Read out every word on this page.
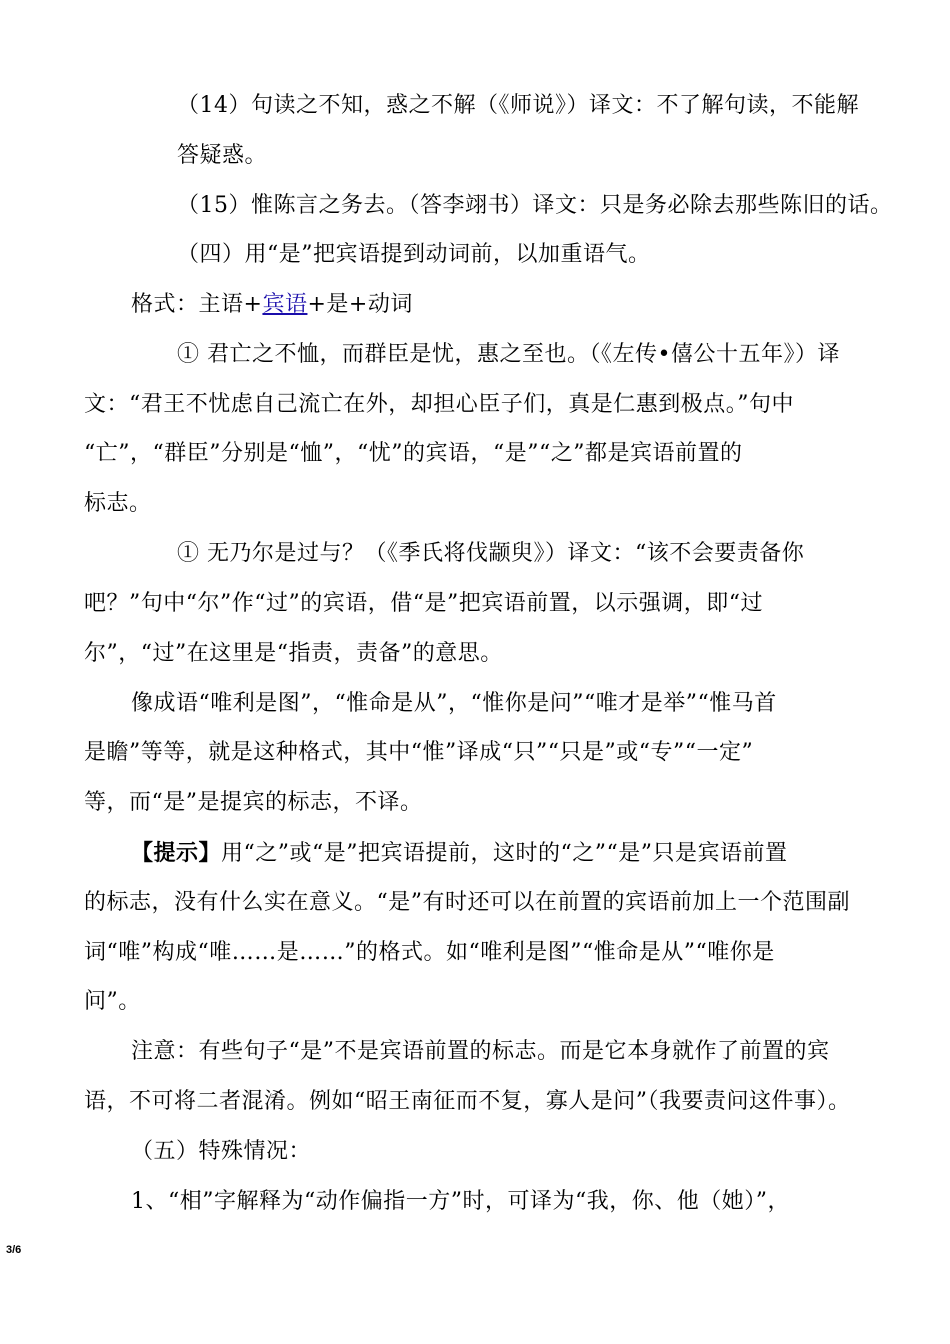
（14）句读之不知，惑之不解（《师说》）译文：不了解句读，不能解
答疑惑。
（15）惟陈言之务去。（答李翊书）译文：只是务必除去那些陈旧的话。
（四）用“是”把宾语提到动词前，以加重语气。
格式：主语+宾语+是+动词
① 君亡之不恤，而群臣是忧，惠之至也。（《左传•僖公十五年》）译
文：“君王不忧虑自己流亡在外，却担心臣子们，真是仁惠到极点。”句中
“亡”，“群臣”分别是“恤”，“忧”的宾语，“是”“之”都是宾语前置的
标志。
① 无乃尔是过与？（《季氏将伐颛臾》）译文：“该不会要责备你
吧？”句中“尔”作“过”的宾语，借“是”把宾语前置，以示强调，即“过
尔”，“过”在这里是“指责，责备”的意思。
像成语“唯利是图”，“惟命是从”，“惟你是问”“唯才是举”“惟马首
是瞻”等等，就是这种格式，其中“惟”译成“只”“只是”或“专”“一定”
等，而“是”是提宾的标志，不译。
【提示】用“之”或“是”把宾语提前，这时的“之”“是”只是宾语前置
的标志，没有什么实在意义。“是”有时还可以在前置的宾语前加上一个范围副
词“唯”构成“唯……是……”的格式。如“唯利是图”“惟命是从”“唯你是
问”。
注意：有些句子“是”不是宾语前置的标志。而是它本身就作了前置的宾
语，不可将二者混淆。例如“昭王南征而不复，寡人是问”（我要责问这件事）。
（五）特殊情况：
1、“相”字解释为“动作偏指一方”时，可译为“我，你、他（她）”，
3/6
